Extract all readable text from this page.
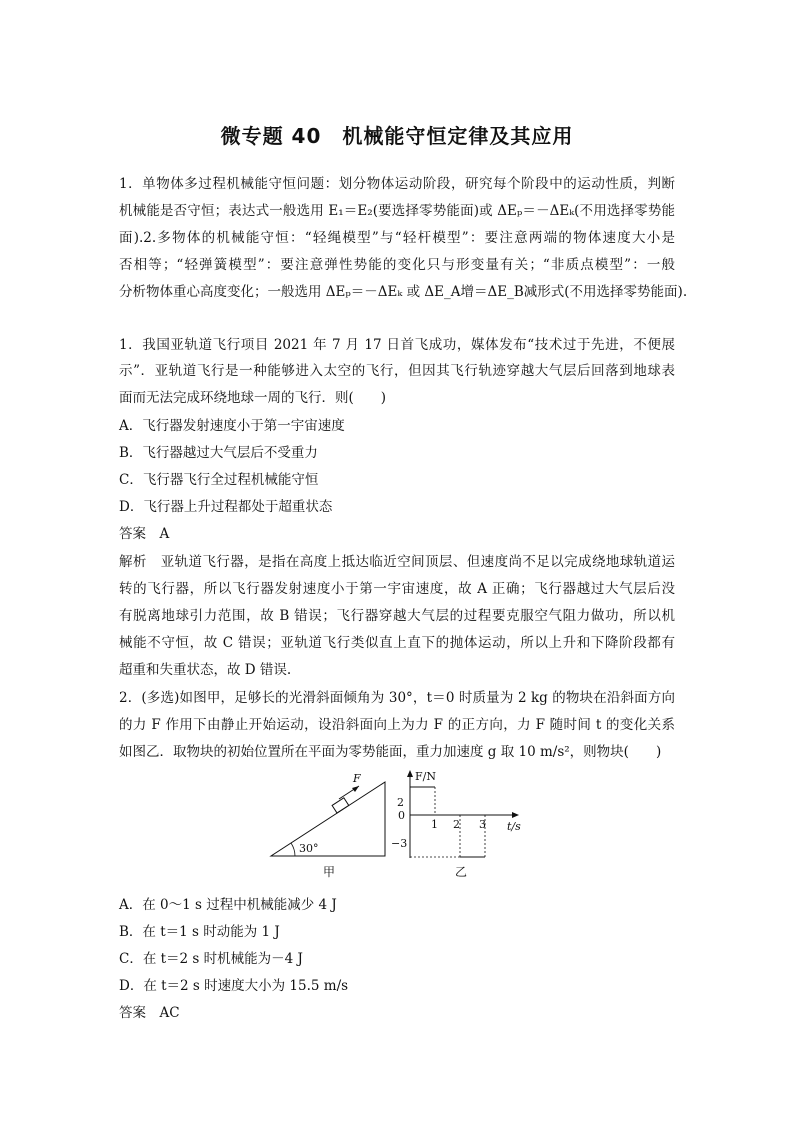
微专题 40　机械能守恒定律及其应用
1．单物体多过程机械能守恒问题：划分物体运动阶段，研究每个阶段中的运动性质，判断
机械能是否守恒；表达式一般选用 E₁＝E₂(要选择零势能面)或 ΔEₚ＝－ΔEₖ(不用选择零势能
面).2.多物体的机械能守恒：“轻绳模型”与“轻杆模型”：要注意两端的物体速度大小是
否相等；“轻弹簧模型”：要注意弹性势能的变化只与形变量有关；“非质点模型”：一般
分析物体重心高度变化；一般选用 ΔEₚ＝－ΔEₖ 或 ΔE_A增＝ΔE_B减形式(不用选择零势能面).
1．我国亚轨道飞行项目 2021 年 7 月 17 日首飞成功，媒体发布“技术过于先进，不便展
示”．亚轨道飞行是一种能够进入太空的飞行，但因其飞行轨迹穿越大气层后回落到地球表
面而无法完成环绕地球一周的飞行．则(　　)
A．飞行器发射速度小于第一宇宙速度
B．飞行器越过大气层后不受重力
C．飞行器飞行全过程机械能守恒
D．飞行器上升过程都处于超重状态
答案　A
解析　亚轨道飞行器，是指在高度上抵达临近空间顶层、但速度尚不足以完成绕地球轨道运
转的飞行器，所以飞行器发射速度小于第一宇宙速度，故 A 正确；飞行器越过大气层后没
有脱离地球引力范围，故 B 错误；飞行器穿越大气层的过程要克服空气阻力做功，所以机
械能不守恒，故 C 错误；亚轨道飞行类似直上直下的抛体运动，所以上升和下降阶段都有
超重和失重状态，故 D 错误.
2．(多选)如图甲，足够长的光滑斜面倾角为 30°，t＝0 时质量为 2 kg 的物块在沿斜面方向
的力 F 作用下由静止开始运动，设沿斜面向上为力 F 的正方向，力 F 随时间 t 的变化关系
如图乙．取物块的初始位置所在平面为零势能面，重力加速度 g 取 10 m/s²，则物块(　　)
30°
F
甲
F/N
t/s
2
0
−3
1 2 3
乙
A．在 0～1 s 过程中机械能减少 4 J
B．在 t＝1 s 时动能为 1 J
C．在 t＝2 s 时机械能为－4 J
D．在 t＝2 s 时速度大小为 15.5 m/s
答案　AC
